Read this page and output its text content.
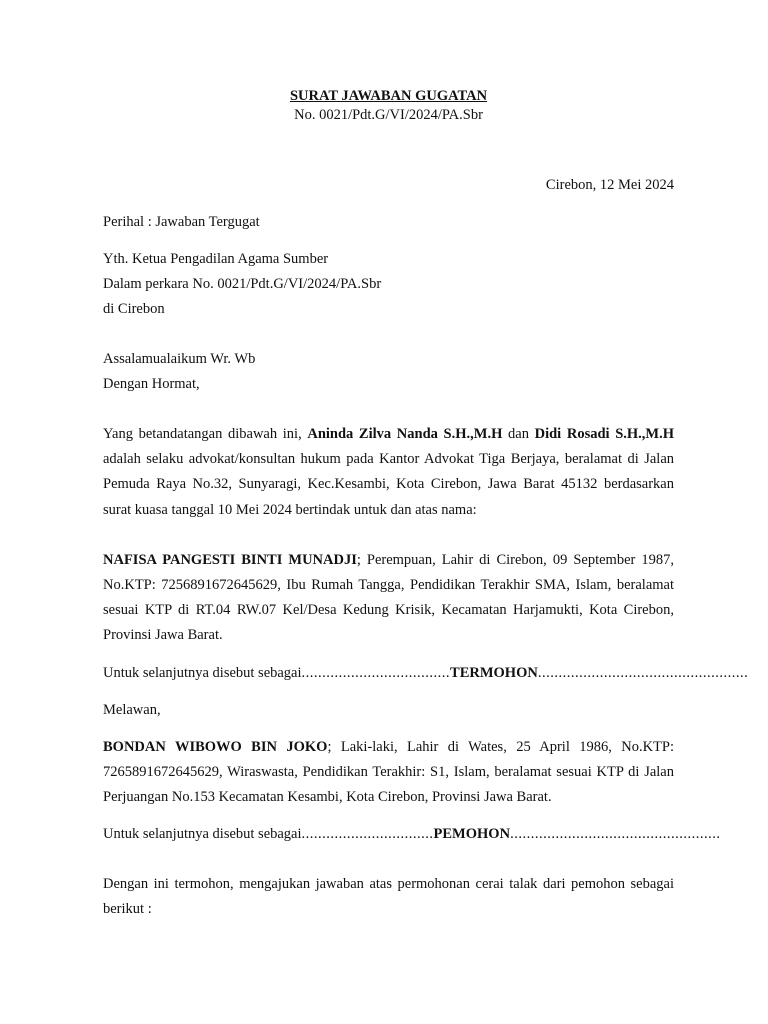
SURAT JAWABAN GUGATAN
No. 0021/Pdt.G/VI/2024/PA.Sbr
Cirebon, 12 Mei 2024
Perihal : Jawaban Tergugat
Yth. Ketua Pengadilan Agama Sumber
Dalam perkara No. 0021/Pdt.G/VI/2024/PA.Sbr
di Cirebon
Assalamualaikum Wr. Wb
Dengan Hormat,

Yang betandatangan dibawah ini, Aninda Zilva Nanda S.H.,M.H dan Didi Rosadi S.H.,M.H adalah selaku advokat/konsultan hukum pada Kantor Advokat Tiga Berjaya, beralamat di Jalan Pemuda Raya No.32, Sunyaragi, Kec.Kesambi, Kota Cirebon, Jawa Barat 45132 berdasarkan surat kuasa tanggal 10 Mei 2024 bertindak untuk dan atas nama:

NAFISA PANGESTI BINTI MUNADJI; Perempuan, Lahir di Cirebon, 09 September 1987, No.KTP: 7256891672645629, Ibu Rumah Tangga, Pendidikan Terakhir SMA, Islam, beralamat sesuai KTP di RT.04 RW.07 Kel/Desa Kedung Krisik, Kecamatan Harjamukti, Kota Cirebon, Provinsi Jawa Barat.

Untuk selanjutnya disebut sebagai .................................... TERMOHON ...................................................
Melawan,

BONDAN WIBOWO BIN JOKO; Laki-laki, Lahir di Wates, 25 April 1986, No.KTP: 7265891672645629, Wiraswasta, Pendidikan Terakhir: S1, Islam, beralamat sesuai KTP di Jalan Perjuangan No.153 Kecamatan Kesambi, Kota Cirebon, Provinsi Jawa Barat.

Untuk selanjutnya disebut sebagai ................................ PEMOHON ...................................................

Dengan ini termohon, mengajukan jawaban atas permohonan cerai talak dari pemohon sebagai berikut :
